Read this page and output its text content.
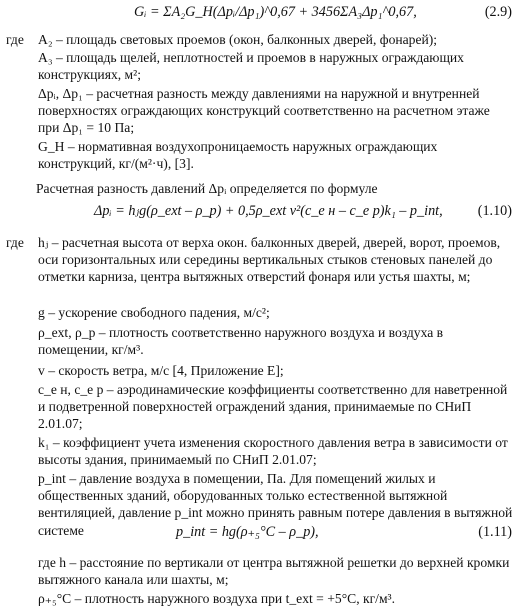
Gᵢ = ΣA₂G_H(Δpᵢ/Δp₁)^0,67 + 3456ΣA₃Δp₁^0,67,	(2.9)
где A₂ – площадь световых проемов (окон, балконных дверей, фонарей);
A₃ – площадь щелей, неплотностей и проемов в наружных ограждающих конструкциях, м²;
Δpᵢ, Δp₁ – расчетная разность между давлениями на наружной и внутренней поверхностях ограждающих конструкций соответственно на расчетном этаже при Δp₁ = 10 Па;
G_H – нормативная воздухопроницаемость наружных ограждающих конструкций, кг/(м²·ч), [3].
Расчетная разность давлений Δpᵢ определяется по формуле
Δpᵢ = hⱼg(ρ_ext – ρ_p) + 0,5ρ_ext v²(c_e н – c_e р)k₁ – p_int, (1.10)
где hⱼ – расчетная высота от верха окон. балконных дверей, дверей, ворот, проемов, оси горизонтальных или середины вертикальных стыков стеновых панелей до отметки карниза, центра вытяжных отверстий фонаря или устья шахты, м;
g – ускорение свободного падения, м/с²;
ρ_ext, ρ_p – плотность соответственно наружного воздуха и воздуха в помещении, кг/м³.
v – скорость ветра, м/с [4, Приложение Е];
c_e н, c_e р – аэродинамические коэффициенты соответственно для наветренной и подветренной поверхностей ограждений здания, принимаемые по СНиП 2.01.07;
k₁ – коэффициент учета изменения скоростного давления ветра в зависимости от высоты здания, принимаемый по СНиП 2.01.07;
p_int – давление воздуха в помещении, Па. Для помещений жилых и общественных зданий, оборудованных только естественной вытяжной вентиляцией, давление p_int можно принять равным потере давления в вытяжной системе	p_int = hg(ρ₊₅°C – ρ_p),	(1.11)
где h – расстояние по вертикали от центра вытяжной решетки до верхней кромки вытяжного канала или шахты, м;
ρ₊₅°C – плотность наружного воздуха при t_ext = +5°С, кг/м³.
